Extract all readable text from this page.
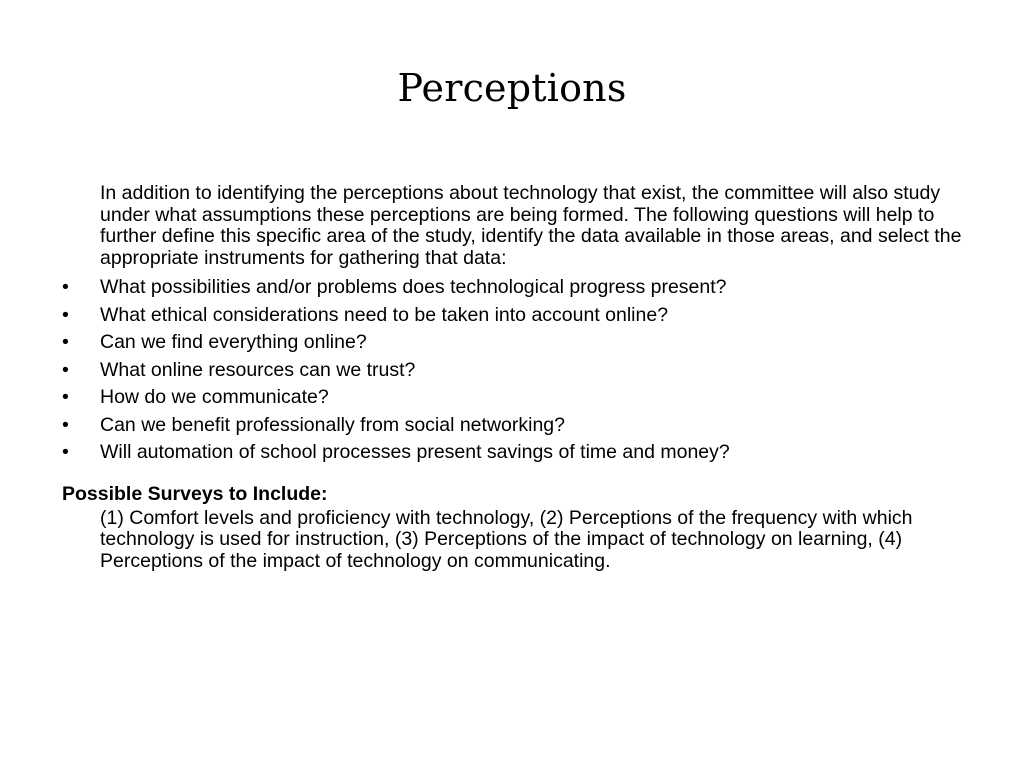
Perceptions

In addition to identifying the perceptions about technology that exist, the committee will also study under what assumptions these perceptions are being formed. The following questions will help to further define this specific area of the study, identify the data available in those areas, and select the appropriate instruments for gathering that data:

• What possibilities and/or problems does technological progress present?
• What ethical considerations need to be taken into account online?
• Can we find everything online?
• What online resources can we trust?
• How do we communicate?
• Can we benefit professionally from social networking?
• Will automation of school processes present savings of time and money?

Possible Surveys to Include:

(1) Comfort levels and proficiency with technology, (2) Perceptions of the frequency with which technology is used for instruction, (3) Perceptions of the impact of technology on learning, (4) Perceptions of the impact of technology on communicating.
